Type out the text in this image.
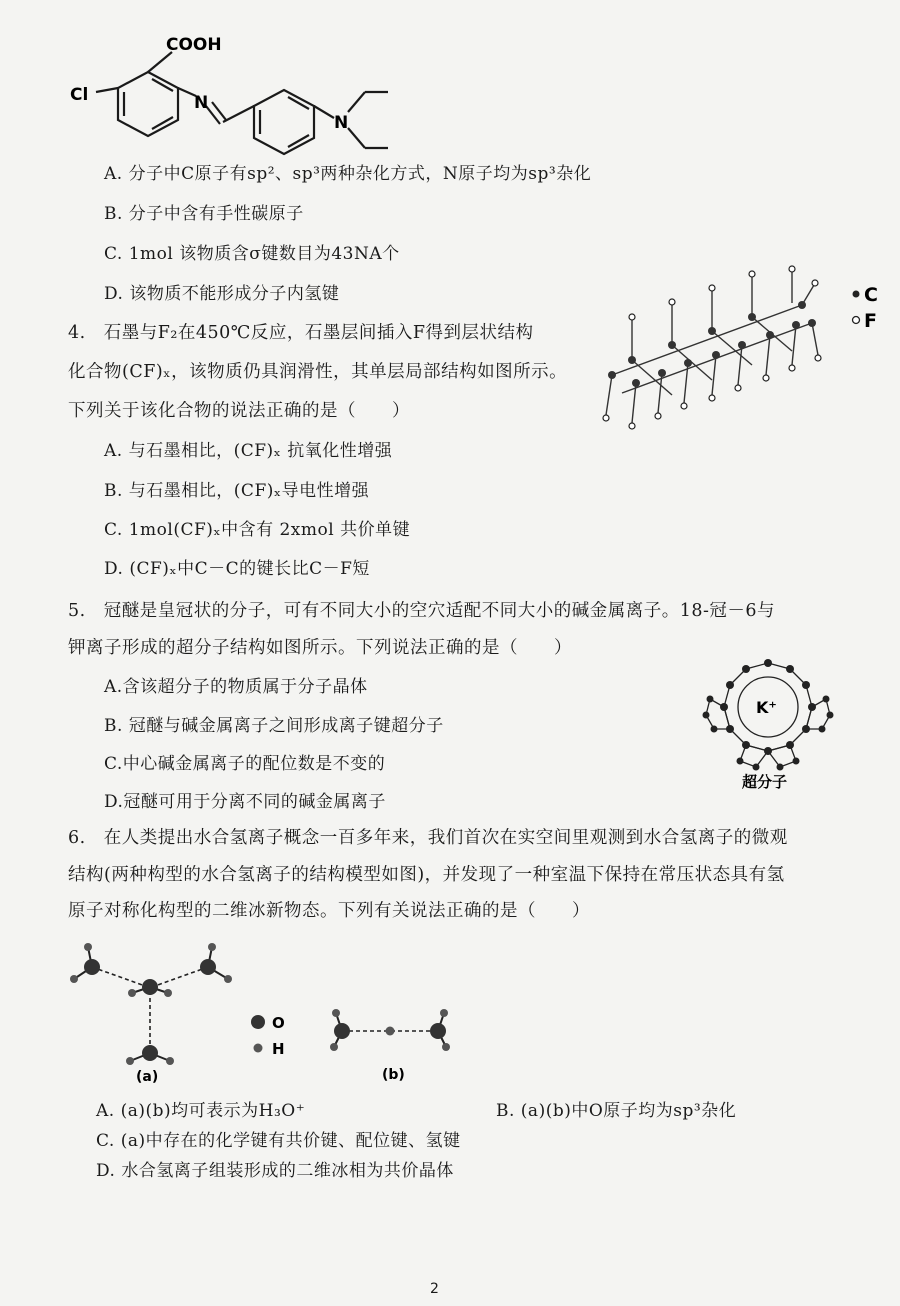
COOH
Cl	N
N
A. 分子中C原子有sp²、sp³两种杂化方式，N原子均为sp³杂化
B. 分子中含有手性碳原子
C. 1mol 该物质含σ键数目为43NA个
D. 该物质不能形成分子内氢键
4.　石墨与F₂在450℃反应，石墨层间插入F得到层状结构
化合物(CF)ₓ，该物质仍具润滑性，其单层局部结构如图所示。
下列关于该化合物的说法正确的是（　　）
C
F
A. 与石墨相比，(CF)ₓ 抗氧化性增强
B. 与石墨相比，(CF)ₓ导电性增强
C. 1mol(CF)ₓ中含有 2xmol 共价单键
D. (CF)ₓ中C－C的键长比C－F短
5.　冠醚是皇冠状的分子，可有不同大小的空穴适配不同大小的碱金属离子。18-冠－6与
钾离子形成的超分子结构如图所示。下列说法正确的是（　　）
K⁺
超分子
A.含该超分子的物质属于分子晶体
B. 冠醚与碱金属离子之间形成离子键超分子
C.中心碱金属离子的配位数是不变的
D.冠醚可用于分离不同的碱金属离子
6.　在人类提出水合氢离子概念一百多年来，我们首次在实空间里观测到水合氢离子的微观
结构(两种构型的水合氢离子的结构模型如图)，并发现了一种室温下保持在常压状态具有氢
原子对称化构型的二维冰新物态。下列有关说法正确的是（　　）
(a)
O
H
(b)
A. (a)(b)均可表示为H₃O⁺	B. (a)(b)中O原子均为sp³杂化
C. (a)中存在的化学键有共价键、配位键、氢键
D. 水合氢离子组装形成的二维冰相为共价晶体
2
